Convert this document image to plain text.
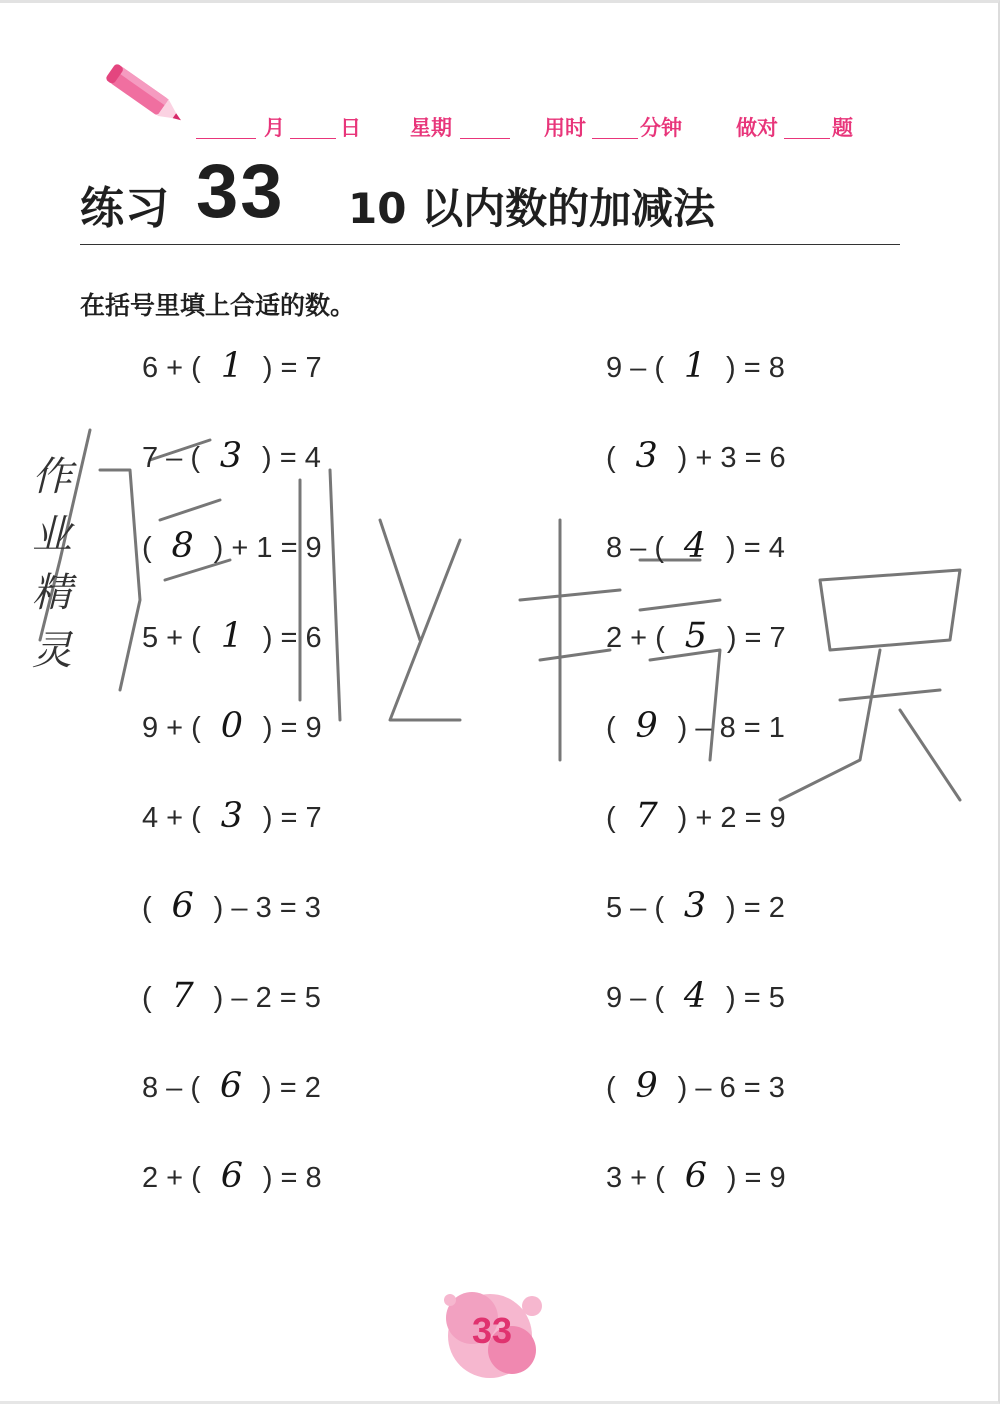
月	日 星期	用时	分钟	做对	题
练习 33 10 以内数的加减法
在括号里填上合适的数。
作
业
精
灵
作业精灵
6 + ( 1 ) = 7
7 – ( 3 ) = 4
( 8 ) + 1 = 9
5 + ( 1 ) = 6
9 + ( 0 ) = 9
4 + ( 3 ) = 7
( 6 ) – 3 = 3
( 7 ) – 2 = 5
8 – ( 6 ) = 2
2 + ( 6 ) = 8
9 – ( 1 ) = 8
( 3 ) + 3 = 6
8 – ( 4 ) = 4
2 + ( 5 ) = 7
( 9 ) – 8 = 1
( 7 ) + 2 = 9
5 – ( 3 ) = 2
9 – ( 4 ) = 5
( 9 ) – 6 = 3
3 + ( 6 ) = 9
33
